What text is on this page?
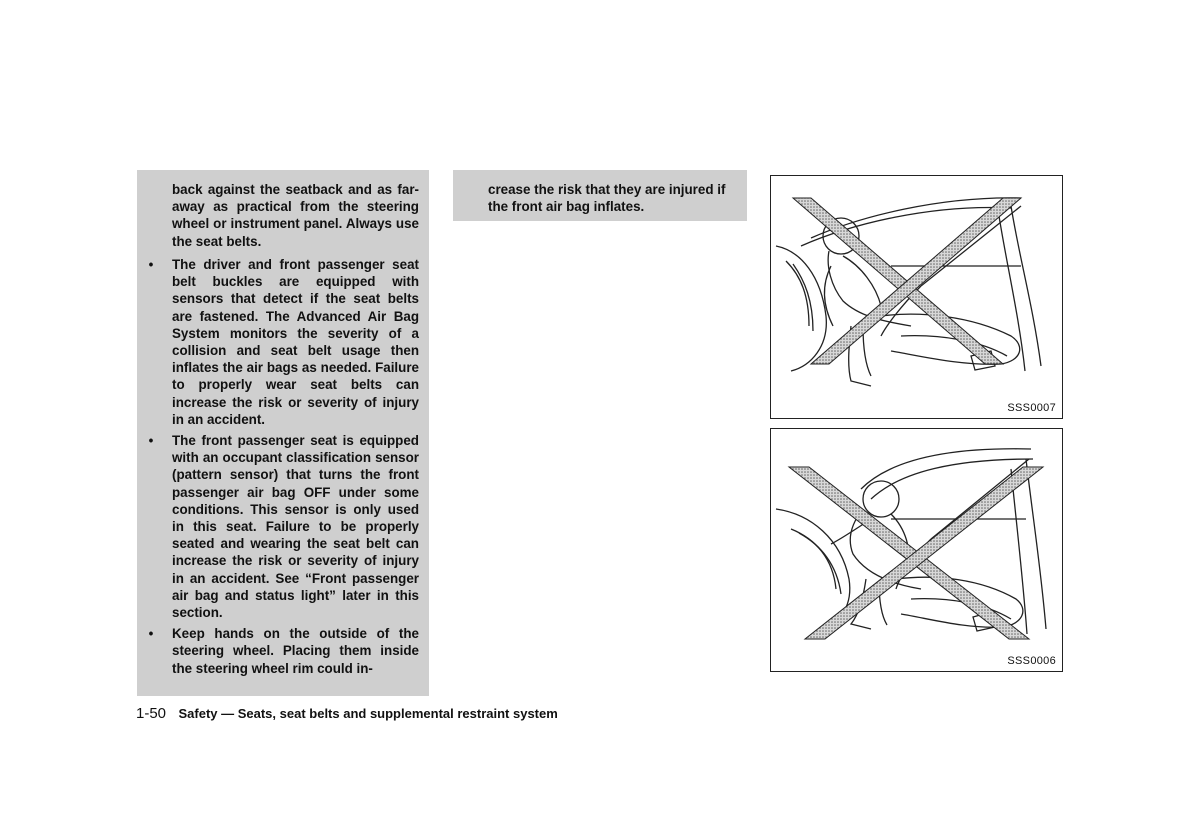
back against the seatback and as far-away as practical from the steering wheel or instrument panel. Always use the seat belts.
• The driver and front passenger seat belt buckles are equipped with sensors that detect if the seat belts are fastened. The Advanced Air Bag System monitors the severity of a collision and seat belt usage then inflates the air bags as needed. Failure to properly wear seat belts can increase the risk or severity of injury in an accident.
• The front passenger seat is equipped with an occupant classification sensor (pattern sensor) that turns the front passenger air bag OFF under some conditions. This sensor is only used in this seat. Failure to be properly seated and wearing the seat belt can increase the risk or severity of injury in an accident. See “Front passenger air bag and status light” later in this section.
• Keep hands on the outside of the steering wheel. Placing them inside the steering wheel rim could in-
crease the risk that they are injured if the front air bag inflates.
SSS0007
SSS0006
1-50 Safety — Seats, seat belts and supplemental restraint system
